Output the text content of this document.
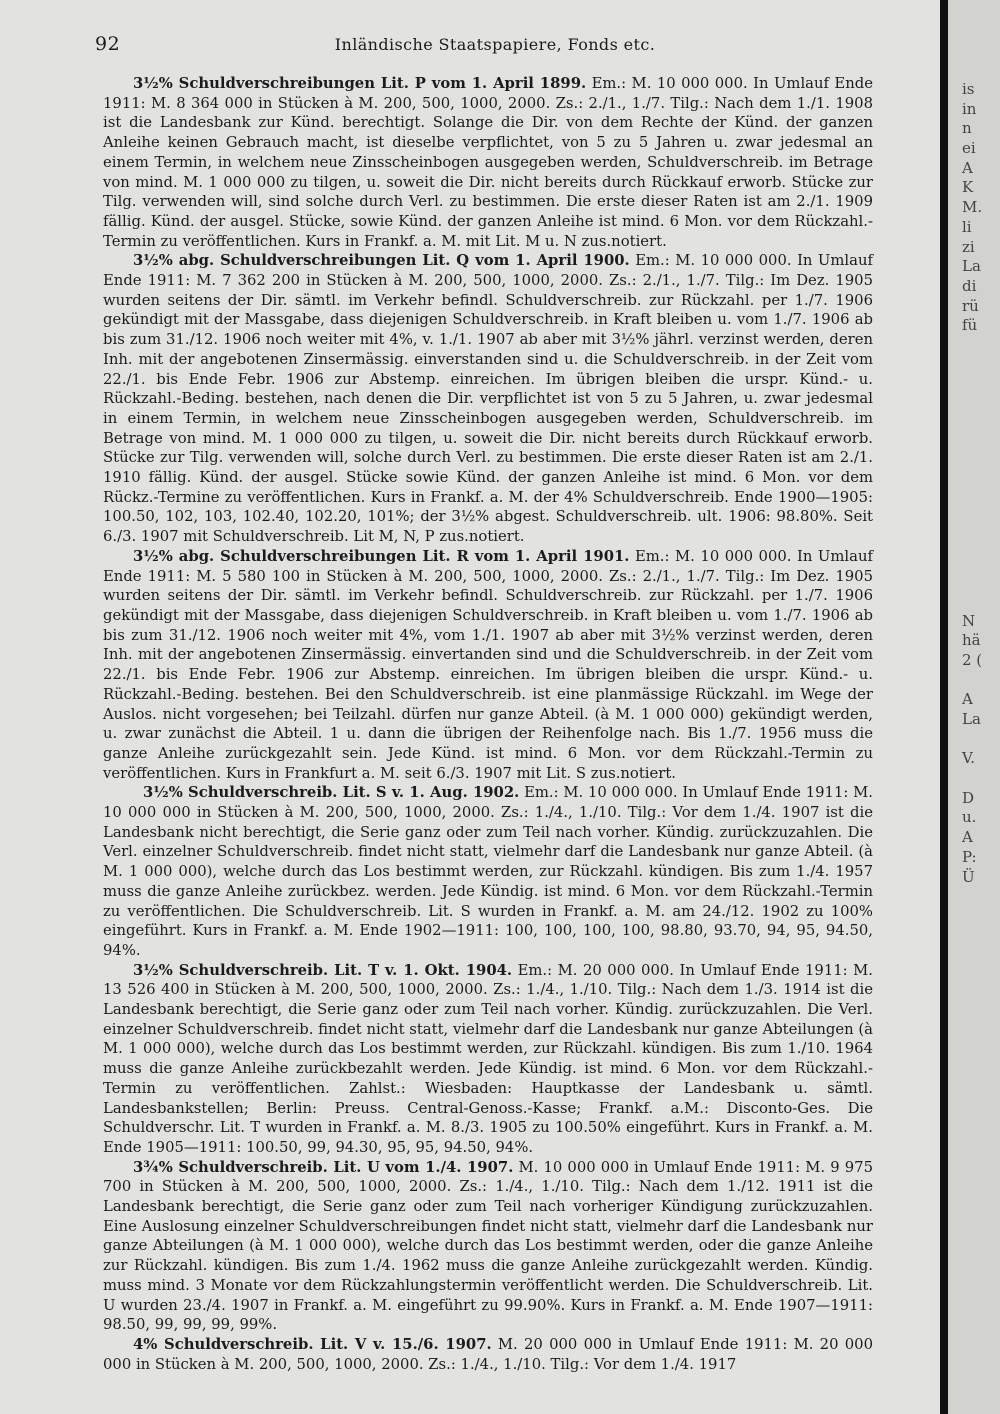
92	Inländische Staatspapiere, Fonds etc.

3½% Schuldverschreibungen Lit. P vom 1. April 1899. Em.: M. 10 000 000. In Umlauf Ende 1911: M. 8 364 000 in Stücken à M. 200, 500, 1000, 2000. Zs.: 2./1., 1./7. Tilg.: Nach dem 1./1. 1908 ist die Landesbank zur Künd. berechtigt. Solange die Dir. von dem Rechte der Künd. der ganzen Anleihe keinen Gebrauch macht, ist dieselbe verpflichtet, von 5 zu 5 Jahren u. zwar jedesmal an einem Termin, in welchem neue Zinsscheinbogen ausgegeben werden, Schuldverschreib. im Betrage von mind. M. 1 000 000 zu tilgen, u. soweit die Dir. nicht bereits durch Rückkauf erworb. Stücke zur Tilg. verwenden will, sind solche durch Verl. zu bestimmen. Die erste dieser Raten ist am 2./1. 1909 fällig. Künd. der ausgel. Stücke, sowie Künd. der ganzen Anleihe ist mind. 6 Mon. vor dem Rückzahl.-Termin zu veröffentlichen. Kurs in Frankf. a. M. mit Lit. M u. N zus.notiert.

3½% abg. Schuldverschreibungen Lit. Q vom 1. April 1900. Em.: M. 10 000 000. In Umlauf Ende 1911: M. 7 362 200 in Stücken à M. 200, 500, 1000, 2000. Zs.: 2./1., 1./7. Tilg.: Im Dez. 1905 wurden seitens der Dir. sämtl. im Verkehr befindl. Schuldverschreib. zur Rückzahl. per 1./7. 1906 gekündigt mit der Massgabe, dass diejenigen Schuldverschreib. in Kraft bleiben u. vom 1./7. 1906 ab bis zum 31./12. 1906 noch weiter mit 4%, v. 1./1. 1907 ab aber mit 3½% jährl. verzinst werden, deren Inh. mit der angebotenen Zinsermässig. einverstanden sind u. die Schuldverschreib. in der Zeit vom 22./1. bis Ende Febr. 1906 zur Abstemp. einreichen. Im übrigen bleiben die urspr. Künd.- u. Rückzahl.-Beding. bestehen, nach denen die Dir. verpflichtet ist von 5 zu 5 Jahren, u. zwar jedesmal in einem Termin, in welchem neue Zinsscheinbogen ausgegeben werden, Schuldverschreib. im Betrage von mind. M. 1 000 000 zu tilgen, u. soweit die Dir. nicht bereits durch Rückkauf erworb. Stücke zur Tilg. verwenden will, solche durch Verl. zu bestimmen. Die erste dieser Raten ist am 2./1. 1910 fällig. Künd. der ausgel. Stücke sowie Künd. der ganzen Anleihe ist mind. 6 Mon. vor dem Rückz.-Termine zu veröffentlichen. Kurs in Frankf. a. M. der 4% Schuldverschreib. Ende 1900—1905: 100.50, 102, 103, 102.40, 102.20, 101%; der 3½% abgest. Schuldverschreib. ult. 1906: 98.80%. Seit 6./3. 1907 mit Schuldverschreib. Lit M, N, P zus.notiert.

3½% abg. Schuldverschreibungen Lit. R vom 1. April 1901. Em.: M. 10 000 000. In Umlauf Ende 1911: M. 5 580 100 in Stücken à M. 200, 500, 1000, 2000. Zs.: 2./1., 1./7. Tilg.: Im Dez. 1905 wurden seitens der Dir. sämtl. im Verkehr befindl. Schuldverschreib. zur Rückzahl. per 1./7. 1906 gekündigt mit der Massgabe, dass diejenigen Schuldverschreib. in Kraft bleiben u. vom 1./7. 1906 ab bis zum 31./12. 1906 noch weiter mit 4%, vom 1./1. 1907 ab aber mit 3½% verzinst werden, deren Inh. mit der angebotenen Zinsermässig. einvertanden sind und die Schuldverschreib. in der Zeit vom 22./1. bis Ende Febr. 1906 zur Abstemp. einreichen. Im übrigen bleiben die urspr. Künd.- u. Rückzahl.-Beding. bestehen. Bei den Schuldverschreib. ist eine planmässige Rückzahl. im Wege der Auslos. nicht vorgesehen; bei Teilzahl. dürfen nur ganze Abteil. (à M. 1 000 000) gekündigt werden, u. zwar zunächst die Abteil. 1 u. dann die übrigen der Reihenfolge nach. Bis 1./7. 1956 muss die ganze Anleihe zurückgezahlt sein. Jede Künd. ist mind. 6 Mon. vor dem Rückzahl.-Termin zu veröffentlichen. Kurs in Frankfurt a. M. seit 6./3. 1907 mit Lit. S zus.notiert.

3½% Schuldverschreib. Lit. S v. 1. Aug. 1902. Em.: M. 10 000 000. In Umlauf Ende 1911: M. 10 000 000 in Stücken à M. 200, 500, 1000, 2000. Zs.: 1./4., 1./10. Tilg.: Vor dem 1./4. 1907 ist die Landesbank nicht berechtigt, die Serie ganz oder zum Teil nach vorher. Kündig. zurückzuzahlen. Die Verl. einzelner Schuldverschreib. findet nicht statt, vielmehr darf die Landesbank nur ganze Abteil. (à M. 1 000 000), welche durch das Los bestimmt werden, zur Rückzahl. kündigen. Bis zum 1./4. 1957 muss die ganze Anleihe zurückbez. werden. Jede Kündig. ist mind. 6 Mon. vor dem Rückzahl.-Termin zu veröffentlichen. Die Schuldverschreib. Lit. S wurden in Frankf. a. M. am 24./12. 1902 zu 100% eingeführt. Kurs in Frankf. a. M. Ende 1902—1911: 100, 100, 100, 100, 98.80, 93.70, 94, 95, 94.50, 94%.

3½% Schuldverschreib. Lit. T v. 1. Okt. 1904. Em.: M. 20 000 000. In Umlauf Ende 1911: M. 13 526 400 in Stücken à M. 200, 500, 1000, 2000. Zs.: 1./4., 1./10. Tilg.: Nach dem 1./3. 1914 ist die Landesbank berechtigt, die Serie ganz oder zum Teil nach vorher. Kündig. zurückzuzahlen. Die Verl. einzelner Schuldverschreib. findet nicht statt, vielmehr darf die Landesbank nur ganze Abteilungen (à M. 1 000 000), welche durch das Los bestimmt werden, zur Rückzahl. kündigen. Bis zum 1./10. 1964 muss die ganze Anleihe zurückbezahlt werden. Jede Kündig. ist mind. 6 Mon. vor dem Rückzahl.-Termin zu veröffentlichen. Zahlst.: Wiesbaden: Hauptkasse der Landesbank u. sämtl. Landesbankstellen; Berlin: Preuss. Central-Genoss.-Kasse; Frankf. a.M.: Disconto-Ges. Die Schuldverschr. Lit. T wurden in Frankf. a. M. 8./3. 1905 zu 100.50% eingeführt. Kurs in Frankf. a. M. Ende 1905—1911: 100.50, 99, 94.30, 95, 95, 94.50, 94%.

3¾% Schuldverschreib. Lit. U vom 1./4. 1907. M. 10 000 000 in Umlauf Ende 1911: M. 9 975 700 in Stücken à M. 200, 500, 1000, 2000. Zs.: 1./4., 1./10. Tilg.: Nach dem 1./12. 1911 ist die Landesbank berechtigt, die Serie ganz oder zum Teil nach vorheriger Kündigung zurückzuzahlen. Eine Auslosung einzelner Schuldverschreibungen findet nicht statt, vielmehr darf die Landesbank nur ganze Abteilungen (à M. 1 000 000), welche durch das Los bestimmt werden, oder die ganze Anleihe zur Rückzahl. kündigen. Bis zum 1./4. 1962 muss die ganze Anleihe zurückgezahlt werden. Kündig. muss mind. 3 Monate vor dem Rückzahlungstermin veröffentlicht werden. Die Schuldverschreib. Lit. U wurden 23./4. 1907 in Frankf. a. M. eingeführt zu 99.90%. Kurs in Frankf. a. M. Ende 1907—1911: 98.50, 99, 99, 99, 99%.

4% Schuldverschreib. Lit. V v. 15./6. 1907. M. 20 000 000 in Umlauf Ende 1911: M. 20 000 000 in Stücken à M. 200, 500, 1000, 2000. Zs.: 1./4., 1./10. Tilg.: Vor dem 1./4. 1917

is
in
n
ei
A
K
M.
li
zi
La
di
rü
fü
N
hä
2 (
A
La
V.
D
u.
A
P:
Ü
